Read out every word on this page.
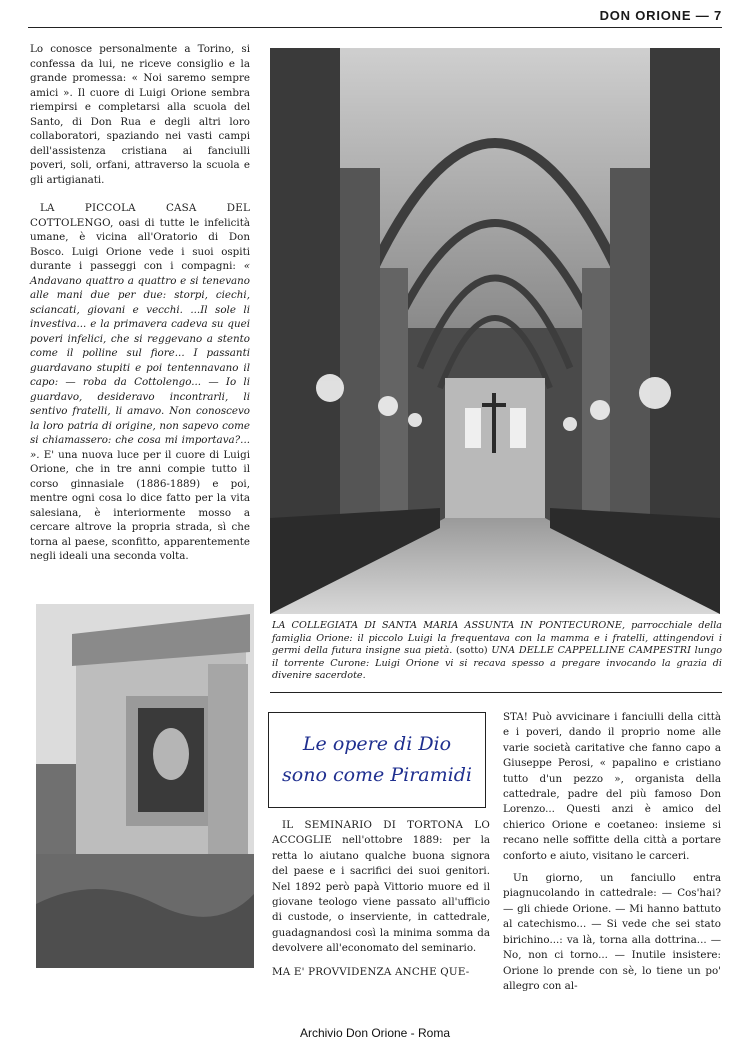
DON ORIONE — 7

Lo conosce personalmente a Torino, si confessa da lui, ne riceve consiglio e la grande promessa: « Noi saremo sempre amici ». Il cuore di Luigi Orione sembra riempirsi e completarsi alla scuola del Santo, di Don Rua e degli altri loro collaboratori, spaziando nei vasti campi dell'assistenza cristiana ai fanciulli poveri, soli, orfani, attraverso la scuola e gli artigianati.

LA PICCOLA CASA DEL COTTOLENGO, oasi di tutte le infelicità umane, è vicina all'Oratorio di Don Bosco. Luigi Orione vede i suoi ospiti durante i passeggi con i compagni: « Andavano quattro a quattro e si tenevano alle mani due per due: storpi, ciechi, sciancati, giovani e vecchi. ...Il sole li investiva... e la primavera cadeva su quei poveri infelici, che si reggevano a stento come il polline sul fiore... I passanti guardavano stupiti e poi tentennavano il capo: — roba da Cottolengo... — Io li guardavo, desideravo incontrarli, li sentivo fratelli, li amavo. Non conoscevo la loro patria di origine, non sapevo come si chiamassero: che cosa mi importava?... ». E' una nuova luce per il cuore di Luigi Orione, che in tre anni compie tutto il corso ginnasiale (1886-1889) e poi, mentre ogni cosa lo dice fatto per la vita salesiana, è interiormente mosso a cercare altrove la propria strada, sì che torna al paese, sconfitto, apparentemente negli ideali una seconda volta.

LA COLLEGIATA DI SANTA MARIA ASSUNTA IN PONTECURONE, parrocchiale della famiglia Orione: il piccolo Luigi la frequentava con la mamma e i fratelli, attingendovi i germi della futura insigne sua pietà. (sotto) UNA DELLE CAPPELLINE CAMPESTRI lungo il torrente Curone: Luigi Orione vi si recava spesso a pregare invocando la grazia di divenire sacerdote.
Le opere di Dio
sono come Piramidi

IL SEMINARIO DI TORTONA LO ACCOGLIE nell'ottobre 1889: per la retta lo aiutano qualche buona signora del paese e i sacrifici dei suoi genitori. Nel 1892 però papà Vittorio muore ed il giovane teologo viene passato all'ufficio di custode, o inserviente, in cattedrale, guadagnandosi così la minima somma da devolvere all'economato del seminario.

MA E' PROVVIDENZA ANCHE QUE-

STA! Può avvicinare i fanciulli della città e i poveri, dando il proprio nome alle varie società caritative che fanno capo a Giuseppe Perosi, « papalino e cristiano tutto d'un pezzo », organista della cattedrale, padre del più famoso Don Lorenzo... Questi anzi è amico del chierico Orione e coetaneo: insieme si recano nelle soffitte della città a portare conforto e aiuto, visitano le carceri.

Un giorno, un fanciullo entra piagnucolando in cattedrale: — Cos'hai? — gli chiede Orione. — Mi hanno battuto al catechismo... — Si vede che sei stato birichino...: va là, torna alla dottrina... — No, non ci torno... — Inutile insistere: Orione lo prende con sè, lo tiene un po' allegro con al-

Archivio Don Orione - Roma
